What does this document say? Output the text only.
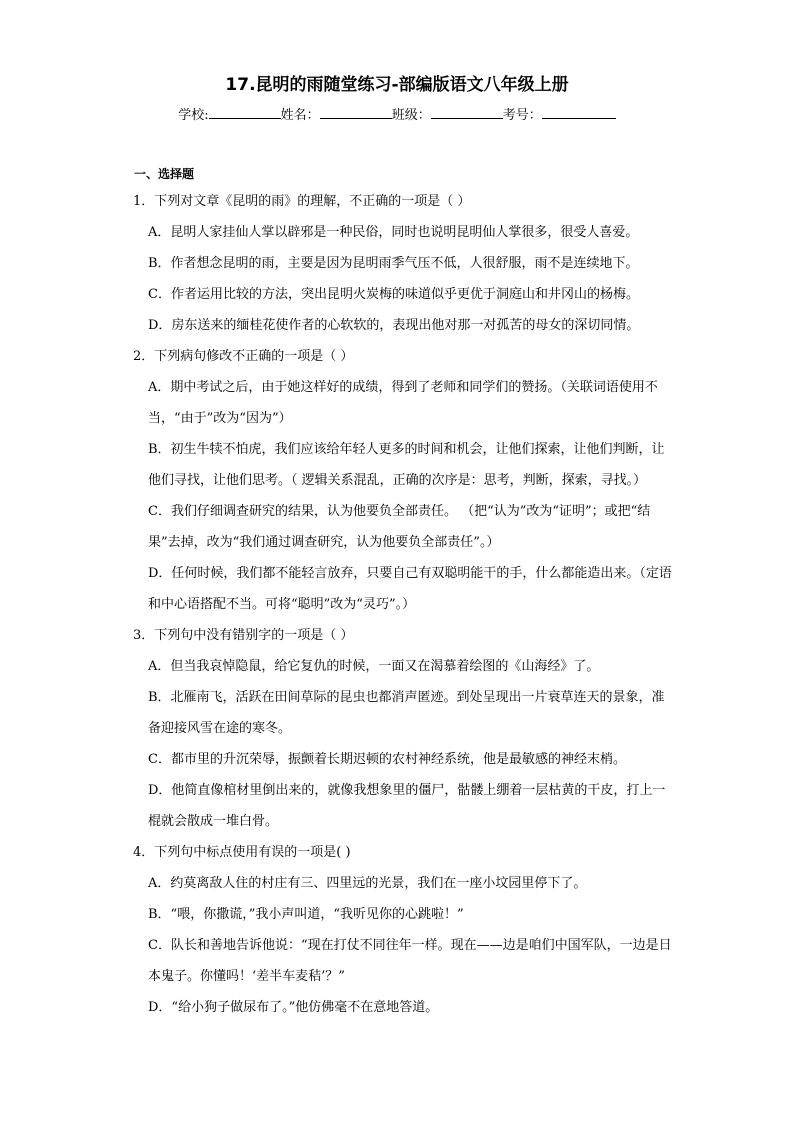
17.昆明的雨随堂练习-部编版语文八年级上册
学校:	姓名：	班级：	考号：
一、选择题
1．下列对文章《昆明的雨》的理解，不正确的一项是（ ）
A．昆明人家挂仙人掌以辟邪是一种民俗，同时也说明昆明仙人掌很多，很受人喜爱。
B．作者想念昆明的雨，主要是因为昆明雨季气压不低，人很舒服，雨不是连续地下。
C．作者运用比较的方法，突出昆明火炭梅的味道似乎更优于洞庭山和井冈山的杨梅。
D．房东送来的缅桂花使作者的心软软的，表现出他对那一对孤苦的母女的深切同情。
2．下列病句修改不正确的一项是（ ）
A．期中考试之后，由于她这样好的成绩，得到了老师和同学们的赞扬。（关联词语使用不当，“由于”改为“因为”）
B．初生牛犊不怕虎，我们应该给年轻人更多的时间和机会，让他们探索，让他们判断，让他们寻找，让他们思考。（ 逻辑关系混乱，正确的次序是：思考，判断，探索，寻找。）
C．我们仔细调查研究的结果，认为他要负全部责任。 （把“认为”改为“证明”；或把“结果”去掉，改为“我们通过调查研究，认为他要负全部责任”。）
D．任何时候，我们都不能轻言放弃，只要自己有双聪明能干的手，什么都能造出来。（定语和中心语搭配不当。可将“聪明”改为“灵巧”。）
3．下列句中没有错别字的一项是（ ）
A．但当我哀悼隐鼠，给它复仇的时候，一面又在渴慕着绘图的《山海经》了。
B．北雁南飞，活跃在田间草际的昆虫也都消声匿迹。到处呈现出一片衰草连天的景象，准备迎接风雪在途的寒冬。
C．都市里的升沉荣辱，振颤着长期迟顿的农村神经系统，他是最敏感的神经末梢。
D．他简直像棺材里倒出来的，就像我想象里的僵尸，骷髅上绷着一层枯黄的干皮，打上一棍就会散成一堆白骨。
4．下列句中标点使用有误的一项是( )
A．约莫离敌人住的村庄有三、四里远的光景，我们在一座小坟园里停下了。
B．“喂，你撒谎，”我小声叫道，“我听见你的心跳啦！”
C．队长和善地告诉他说：“现在打仗不同往年一样。现在——边是咱们中国军队，一边是日本鬼子。你懂吗！‘差半车麦秸’？”
D．“给小狗子做尿布了。”他仿佛毫不在意地答道。
